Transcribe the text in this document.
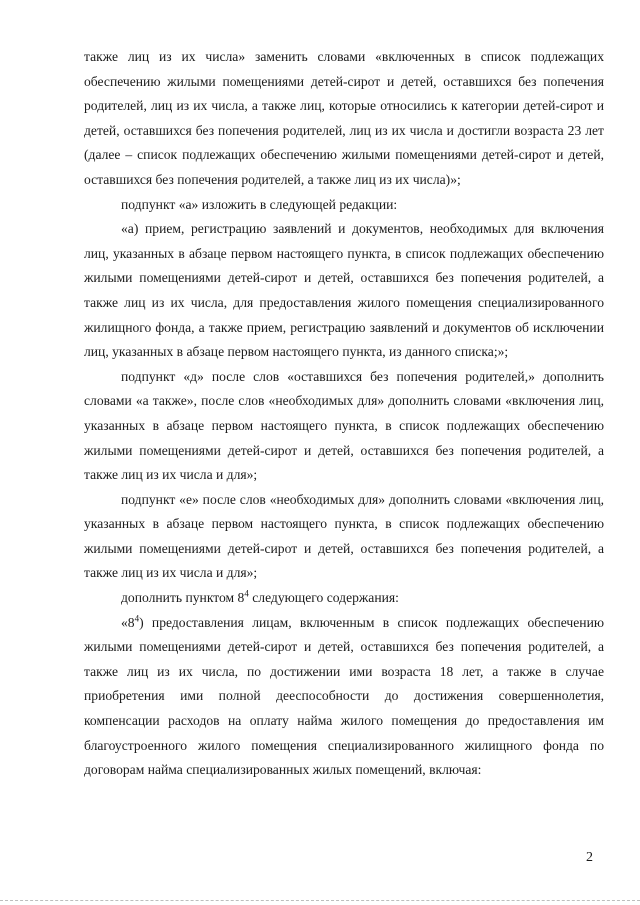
также лиц из их числа» заменить словами «включенных в список подлежащих обеспечению жилыми помещениями детей-сирот и детей, оставшихся без попечения родителей, лиц из их числа, а также лиц, которые относились к категории детей-сирот и детей, оставшихся без попечения родителей, лиц из их числа и достигли возраста 23 лет (далее – список подлежащих обеспечению жилыми помещениями детей-сирот и детей, оставшихся без попечения родителей, а также лиц из их числа)»;

подпункт «а» изложить в следующей редакции:

«а) прием, регистрацию заявлений и документов, необходимых для включения лиц, указанных в абзаце первом настоящего пункта, в список подлежащих обеспечению жилыми помещениями детей-сирот и детей, оставшихся без попечения родителей, а также лиц из их числа, для предоставления жилого помещения специализированного жилищного фонда, а также прием, регистрацию заявлений и документов об исключении лиц, указанных в абзаце первом настоящего пункта, из данного списка;»;

подпункт «д» после слов «оставшихся без попечения родителей,» дополнить словами «а также», после слов «необходимых для» дополнить словами «включения лиц, указанных в абзаце первом настоящего пункта, в список подлежащих обеспечению жилыми помещениями детей-сирот и детей, оставшихся без попечения родителей, а также лиц из их числа и для»;

подпункт «е» после слов «необходимых для» дополнить словами «включения лиц, указанных в абзаце первом настоящего пункта, в список подлежащих обеспечению жилыми помещениями детей-сирот и детей, оставшихся без попечения родителей, а также лиц из их числа и для»;

дополнить пунктом $8^4$ следующего содержания:

«$8^4$) предоставления лицам, включенным в список подлежащих обеспечению жилыми помещениями детей-сирот и детей, оставшихся без попечения родителей, а также лиц из их числа, по достижении ими возраста 18 лет, а также в случае приобретения ими полной дееспособности до достижения совершеннолетия, компенсации расходов на оплату найма жилого помещения до предоставления им благоустроенного жилого помещения специализированного жилищного фонда по договорам найма специализированных жилых помещений, включая:

2
